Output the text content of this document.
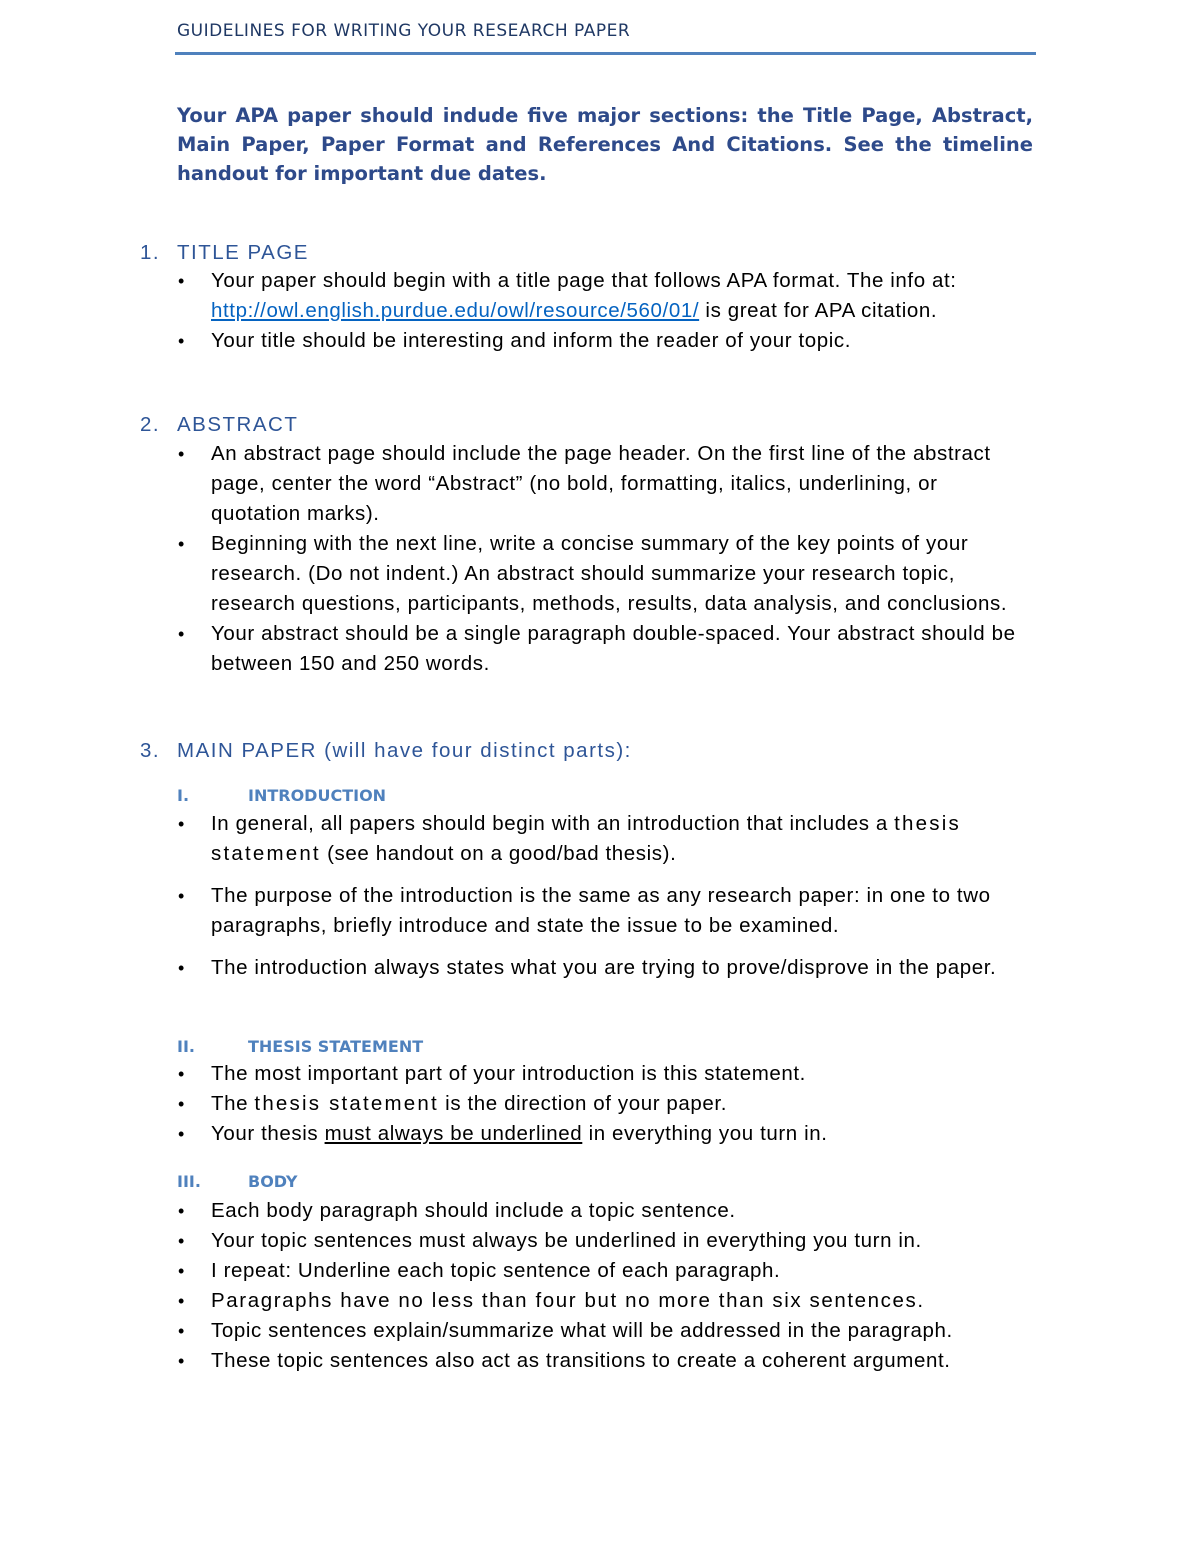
GUIDELINES FOR WRITING YOUR RESEARCH PAPER

Your APA paper should indude five major sections: the Title Page, Abstract, Main Paper, Paper Format and References And Citations. See the timeline handout for important due dates.

1. TITLE PAGE
• Your paper should begin with a title page that follows APA format. The info at: http://owl.english.purdue.edu/owl/resource/560/01/ is great for APA citation.
• Your title should be interesting and inform the reader of your topic.
2. ABSTRACT
• An abstract page should include the page header. On the first line of the abstract page, center the word “Abstract” (no bold, formatting, italics, underlining, or quotation marks).
• Beginning with the next line, write a concise summary of the key points of your research. (Do not indent.) An abstract should summarize your research topic, research questions, participants, methods, results, data analysis, and conclusions.
• Your abstract should be a single paragraph double-spaced. Your abstract should be between 150 and 250 words.
3. MAIN PAPER (will have four distinct parts):
I.	INTRODUCTION
• In general, all papers should begin with an introduction that includes a thesis statement (see handout on a good/bad thesis).
• The purpose of the introduction is the same as any research paper: in one to two paragraphs, briefly introduce and state the issue to be examined.
• The introduction always states what you are trying to prove/disprove in the paper.
II.	THESIS STATEMENT
• The most important part of your introduction is this statement.
• The thesis statement is the direction of your paper.
• Your thesis must always be underlined in everything you turn in.
III.	BODY
• Each body paragraph should include a topic sentence.
• Your topic sentences must always be underlined in everything you turn in.
• I repeat: Underline each topic sentence of each paragraph.
• Paragraphs have no less than four but no more than six sentences.
• Topic sentences explain/summarize what will be addressed in the paragraph.
• These topic sentences also act as transitions to create a coherent argument.
